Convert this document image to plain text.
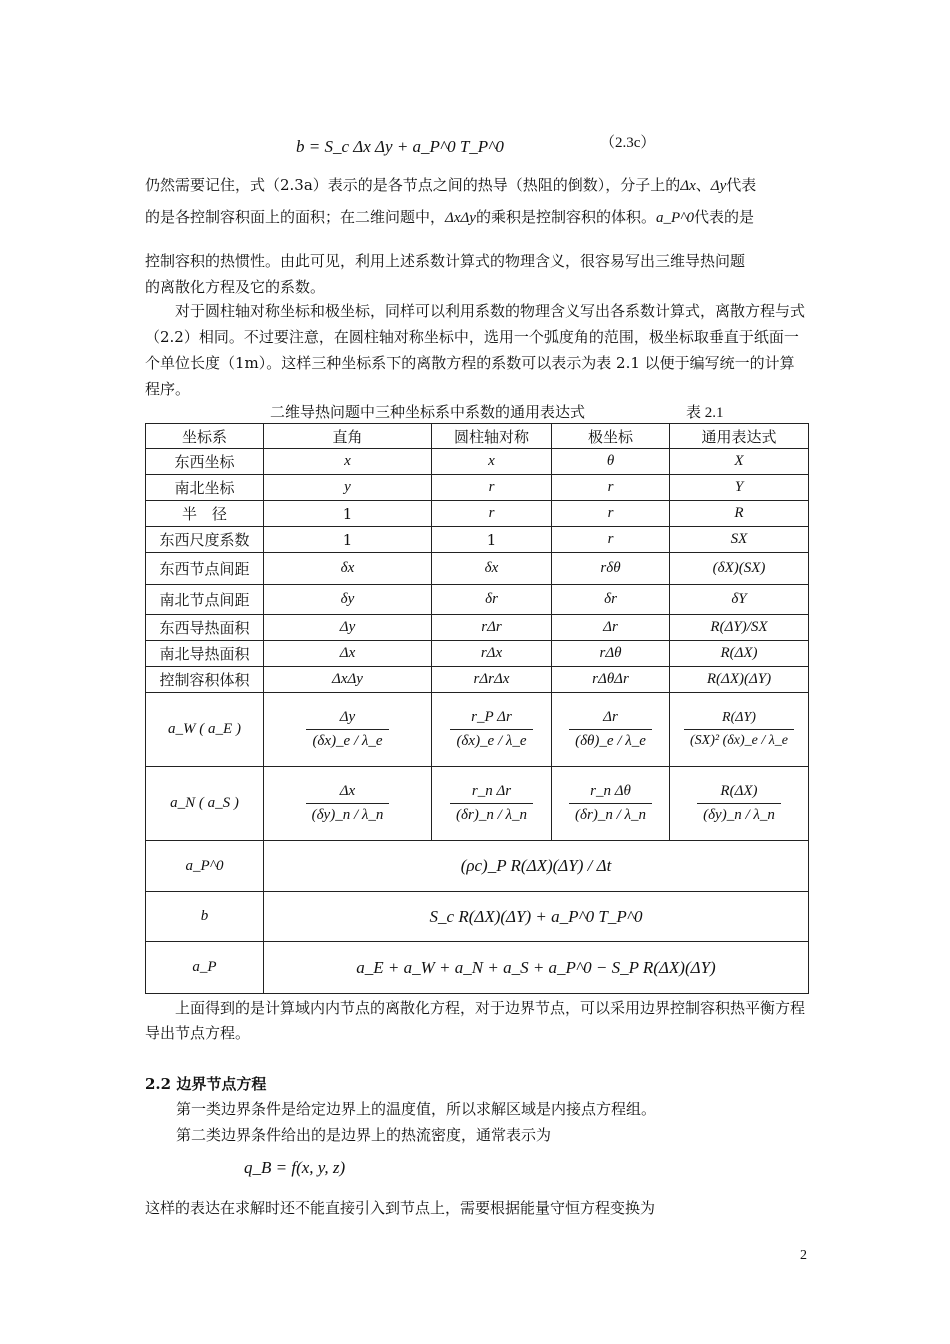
b = S_c Δx Δy + a_P^0 T_P^0	（2.3c）
仍然需要记住，式（2.3a）表示的是各节点之间的热导（热阻的倒数），分子上的Δx、Δy代表
的是各控制容积面上的面积；在二维问题中，ΔxΔy的乘积是控制容积的体积。a_P^0代表的是
控制容积的热惯性。由此可见，利用上述系数计算式的物理含义，很容易写出三维导热问题
的离散化方程及它的系数。
对于圆柱轴对称坐标和极坐标，同样可以利用系数的物理含义写出各系数计算式，离散方程与式（2.2）相同。不过要注意，在圆柱轴对称坐标中，选用一个弧度角的范围，极坐标取垂直于纸面一个单位长度（1m）。这样三种坐标系下的离散方程的系数可以表示为表 2.1 以便于编写统一的计算程序。
二维导热问题中三种坐标系中系数的通用表达式	表 2.1
坐标系	直角	圆柱轴对称	极坐标	通用表达式
东西坐标	x	x	θ	X
南北坐标	y	r	r	Y
半　径	1	r	r	R
东西尺度系数	1	1	r	SX
东西节点间距	δx	δx	rδθ	(δX)(SX)
南北节点间距	δy	δr	δr	δY
东西导热面积	Δy	rΔr	Δr	R(ΔY)/SX
南北导热面积	Δx	rΔx	rΔθ	R(ΔX)
控制容积体积	ΔxΔy	rΔrΔx	rΔθΔr	R(ΔX)(ΔY)
a_W ( a_E )	$\frac{\Delta y}{(\delta x)\_e / \lambda\_e}$	$\frac{\text{r\_P Δr}}{(\delta x)\_e / \lambda\_e}$	$\frac{\Delta r}{(\delta\theta)\_e / \lambda\_e}$	$\frac{R(\Delta Y)}{\text{(SX)² (δx)\_e / λ\_e}}$

a_N ( a_S )	$\frac{\Delta x}{(\delta y)\_n / \lambda\_n}$	$\frac{\text{r\_n Δr}}{(\delta r)\_n / \lambda\_n}$	$\frac{\text{r\_n Δθ}}{(\delta r)\_n / \lambda\_n}$	$\frac{R(\Delta X)}{(\delta y)\_n / \lambda\_n}$

a_P^0	(ρc)_P R(ΔX)(ΔY) / Δt			
b	S_c R(ΔX)(ΔY) + a_P^0 T_P^0			
a_P	a_E + a_W + a_N + a_S + a_P^0 − S_P R(ΔX)(ΔY)			
上面得到的是计算域内内节点的离散化方程，对于边界节点，可以采用边界控制容积热平衡方程导出节点方程。
2.2 边界节点方程
第一类边界条件是给定边界上的温度值，所以求解区域是内接点方程组。
第二类边界条件给出的是边界上的热流密度，通常表示为
q_B = f(x, y, z)
这样的表达在求解时还不能直接引入到节点上，需要根据能量守恒方程变换为
2
